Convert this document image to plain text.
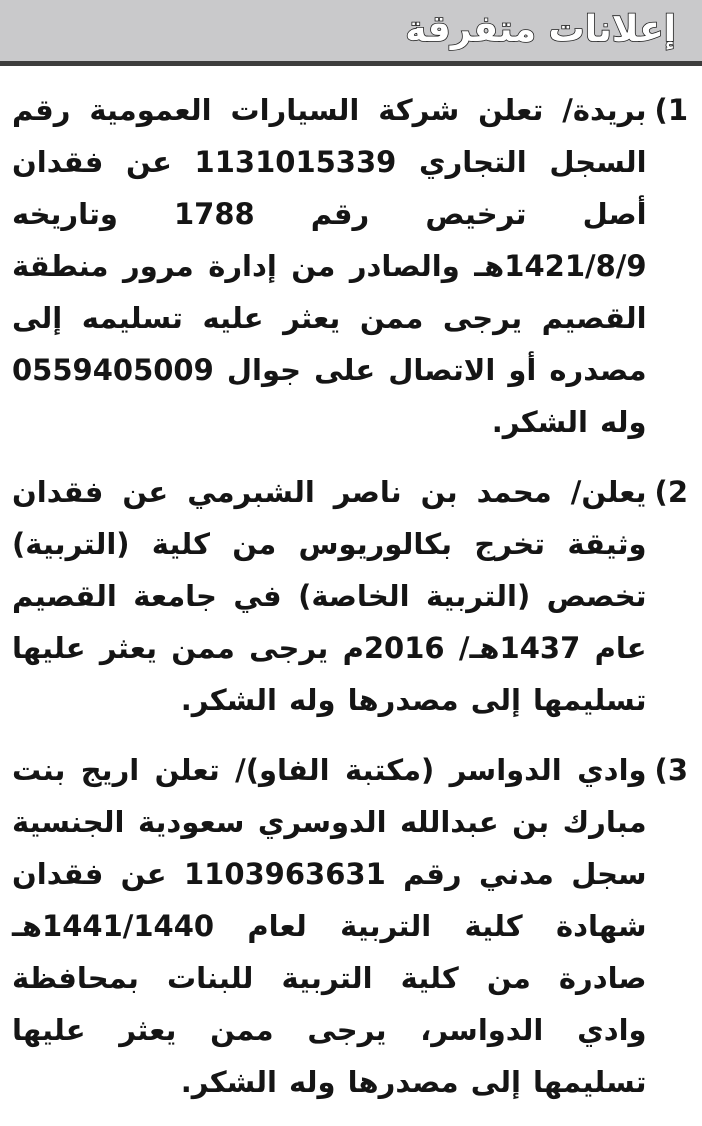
إعلانات متفرقة
1)
بريدة/ تعلن شركة السيارات العمومية رقم السجل التجاري 1131015339 عن فقدان أصل ترخيص رقم 1788 وتاريخه 1421/8/9هـ والصادر من إدارة مرور منطقة القصيم يرجى ممن يعثر عليه تسليمه إلى مصدره أو الاتصال على جوال 0559405009 وله الشكر.
2)
يعلن/ محمد بن ناصر الشبرمي عن فقدان وثيقة تخرج بكالوريوس من كلية (التربية) تخصص (التربية الخاصة) في جامعة القصيم عام 1437هـ/ 2016م يرجى ممن يعثر عليها تسليمها إلى مصدرها وله الشكر.
3)
وادي الدواسر (مكتبة الفاو)/ تعلن اريج بنت مبارك بن عبدالله الدوسري سعودية الجنسية سجل مدني رقم 1103963631 عن فقدان شهادة كلية التربية لعام 1441/1440هـ صادرة من كلية التربية للبنات بمحافظة وادي الدواسر، يرجى ممن يعثر عليها تسليمها إلى مصدرها وله الشكر.
